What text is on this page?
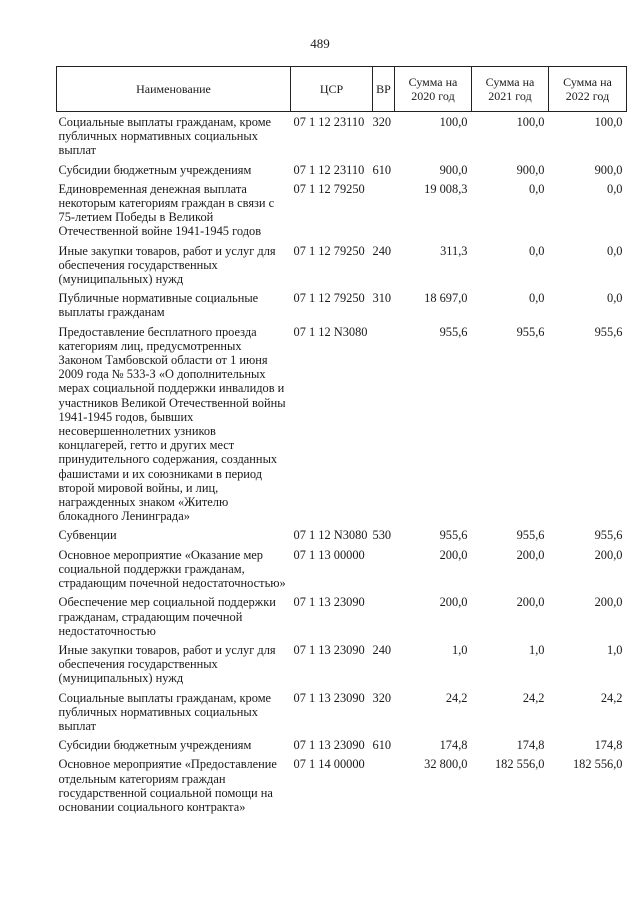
489
Наименование	ЦСР	ВР	Сумма на 2020 год	Сумма на 2021 год	Сумма на 2022 год
Социальные выплаты гражданам, кроме публичных нормативных социальных выплат	07 1 12 23110	320	100,0	100,0	100,0
Субсидии бюджетным учреждениям	07 1 12 23110	610	900,0	900,0	900,0
Единовременная денежная выплата некоторым категориям граждан в связи с 75-летием Победы в Великой Отечественной войне 1941-1945 годов	07 1 12 79250		19 008,3	0,0	0,0
Иные закупки товаров, работ и услуг для обеспечения государственных (муниципальных) нужд	07 1 12 79250	240	311,3	0,0	0,0
Публичные нормативные социальные выплаты гражданам	07 1 12 79250	310	18 697,0	0,0	0,0
Предоставление бесплатного проезда категориям лиц, предусмотренных Законом Тамбовской области от 1 июня 2009 года № 533-З «О дополнительных мерах социальной поддержки инвалидов и участников Великой Отечественной войны 1941-1945 годов, бывших несовершеннолетних узников концлагерей, гетто и других мест принудительного содержания, созданных фашистами и их союзниками в период второй мировой войны, и лиц, награжденных знаком «Жителю блокадного Ленинграда»	07 1 12 N3080		955,6	955,6	955,6
Субвенции	07 1 12 N3080	530	955,6	955,6	955,6
Основное мероприятие «Оказание мер социальной поддержки гражданам, страдающим почечной недостаточностью»	07 1 13 00000		200,0	200,0	200,0
Обеспечение мер социальной поддержки гражданам, страдающим почечной недостаточностью	07 1 13 23090		200,0	200,0	200,0
Иные закупки товаров, работ и услуг для обеспечения государственных (муниципальных) нужд	07 1 13 23090	240	1,0	1,0	1,0
Социальные выплаты гражданам, кроме публичных нормативных социальных выплат	07 1 13 23090	320	24,2	24,2	24,2
Субсидии бюджетным учреждениям	07 1 13 23090	610	174,8	174,8	174,8
Основное мероприятие «Предоставление отдельным категориям граждан государственной социальной помощи на основании социального контракта»	07 1 14 00000		32 800,0	182 556,0	182 556,0
